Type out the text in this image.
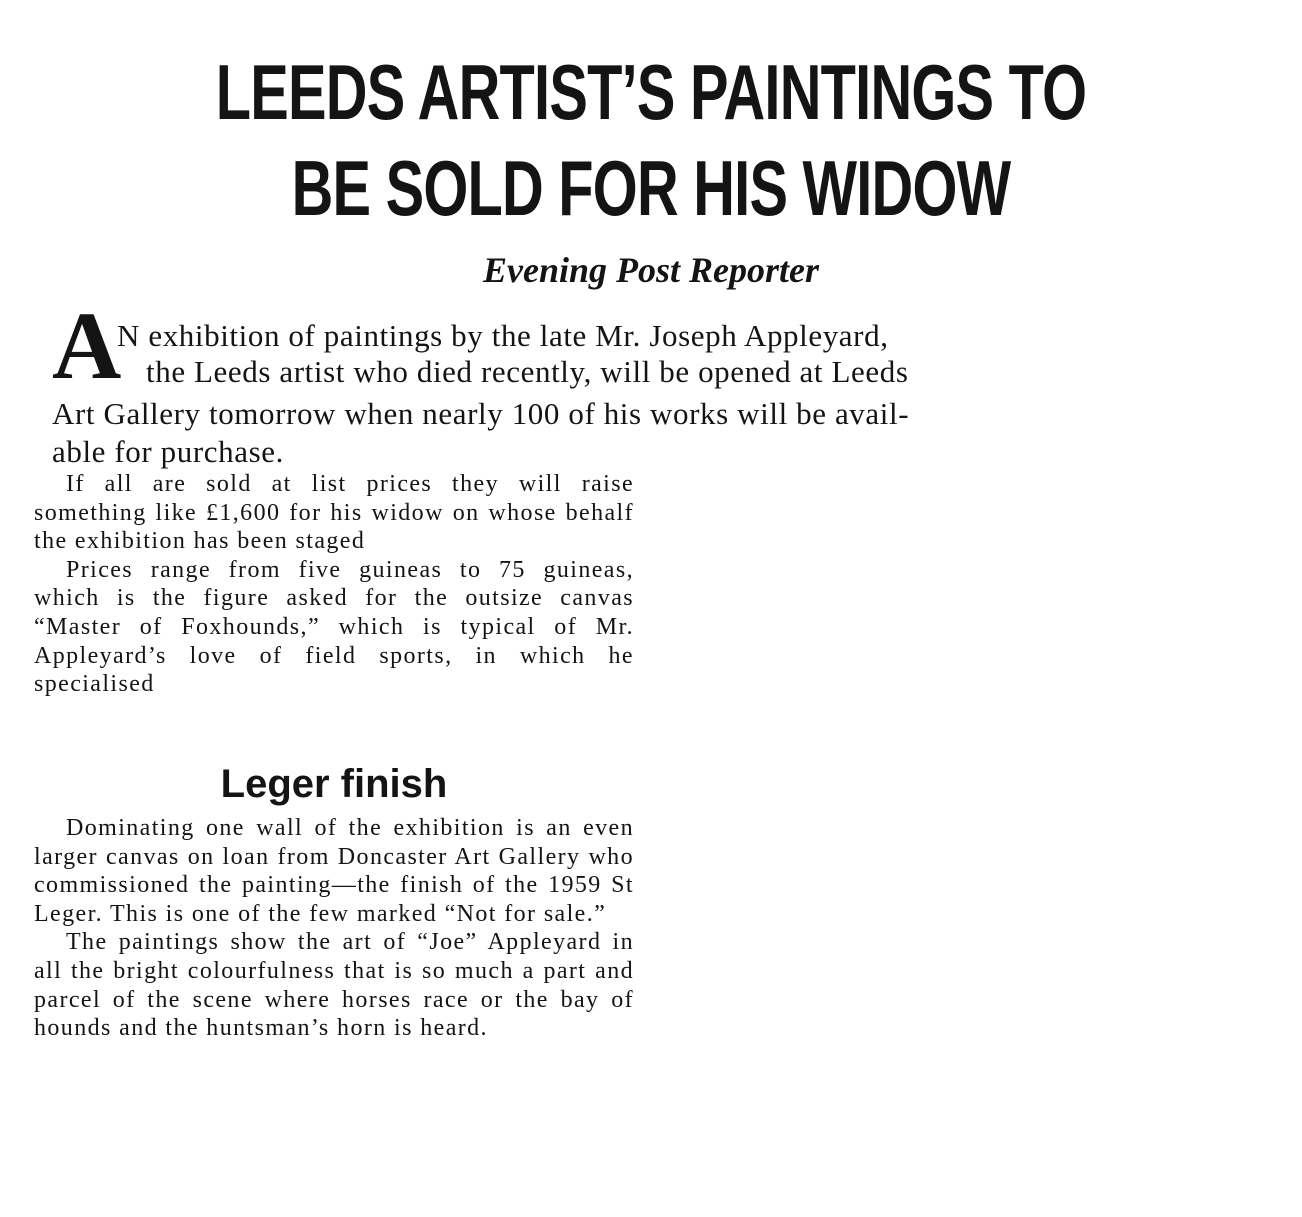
LEEDS ARTIST’S PAINTINGS TO
BE SOLD FOR HIS WIDOW

Evening Post Reporter

A

N exhibition of paintings by the late Mr. Joseph Appleyard,

the Leeds artist who died recently, will be opened at Leeds

Art Gallery tomorrow when nearly 100 of his works will be avail-

able for purchase.

If all are sold at list prices they will raise something like £1,600 for his widow on whose behalf the exhibition has been staged

Prices range from five guineas to 75 guineas, which is the figure asked for the outsize canvas “Master of Foxhounds,” which is typical of Mr. Appleyard’s love of field sports, in which he specialised

Leger finish

Dominating one wall of the exhibition is an even larger canvas on loan from Doncaster Art Gallery who commissioned the painting—the finish of the 1959 St Leger. This is one of the few marked “Not for sale.”

The paintings show the art of “Joe” Appleyard in all the bright colourfulness that is so much a part and parcel of the scene where horses race or the bay of hounds and the huntsman’s horn is heard.
